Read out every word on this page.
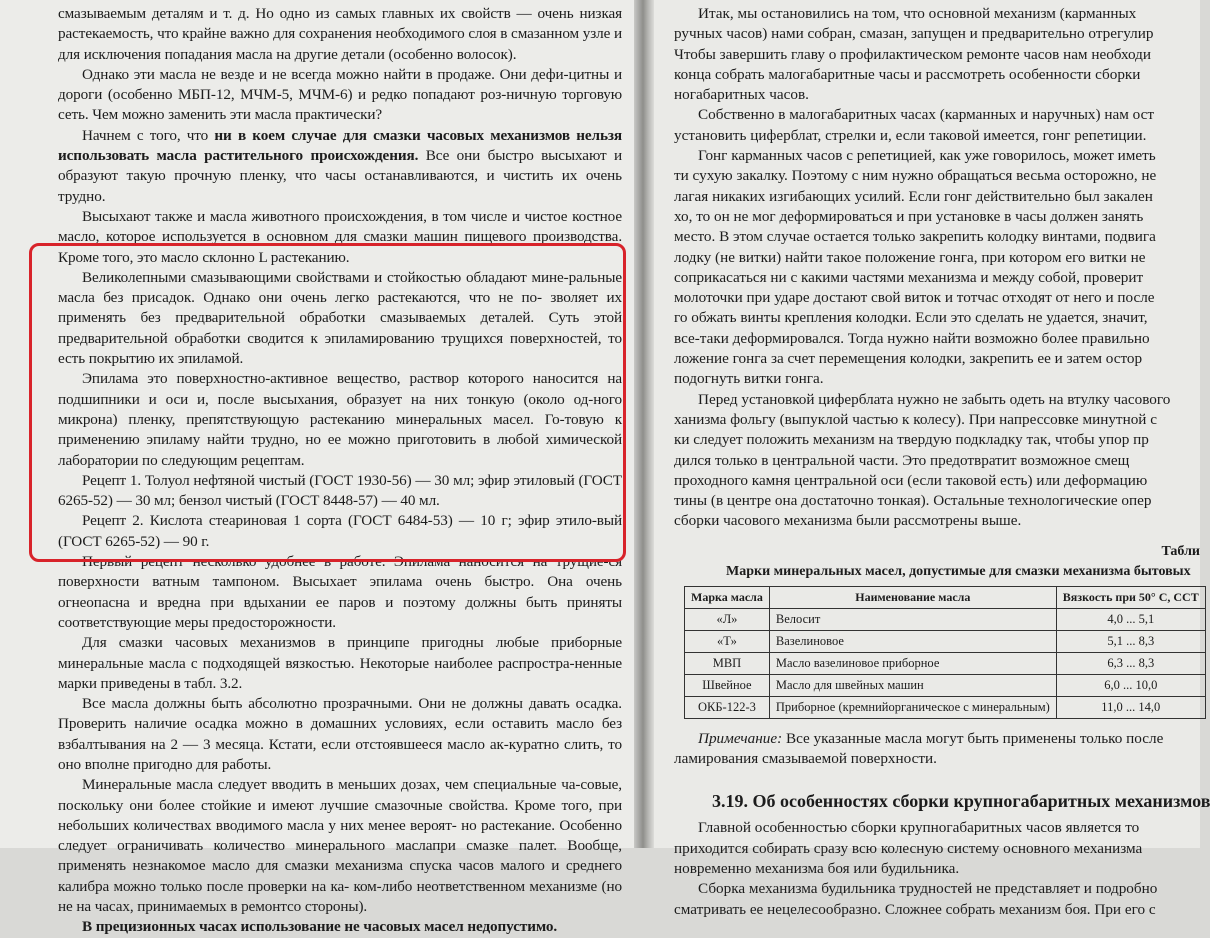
смазываемым деталям и т. д. Но одно из самых главных их свойств — очень низкая растекаемость, что крайне важно для сохранения необходимого слоя в смазанном узле и для исключения попадания масла на другие детали (особенно волосок).

Однако эти масла не везде и не всегда можно найти в продаже. Они дефи-цитны и дороги (особенно МБП-12, МЧМ-5, МЧМ-6) и редко попадают роз-ничную торговую сеть. Чем можно заменить эти масла практически?

Начнем с того, что ни в коем случае для смазки часовых механизмов нельзя использовать масла растительного происхождения. Все они быстро высыхают и образуют такую прочную пленку, что часы останавливаются, и чистить их очень трудно.

Высыхают также и масла животного происхождения, в том числе и чистое костное масло, которое используется в основном для смазки машин пищевого производства. Кроме того, это масло склонно L растеканию.

Великолепными смазывающими свойствами и стойкостью обладают мине-ральные масла без присадок. Однако они очень легко растекаются, что не по- зволяет их применять без предварительной обработки смазываемых деталей. Суть этой предварительной обработки сводится к эпиламированию трущихся поверхностей, то есть покрытию их эпиламой.

Эпилама это поверхностно-активное вещество, раствор которого наносится на подшипники и оси и, после высыхания, образует на них тонкую (около од-ного микрона) пленку, препятствующую растеканию минеральных масел. Го-товую к применению эпиламу найти трудно, но ее можно приготовить в любой химической лаборатории по следующим рецептам.

Рецепт 1. Толуол нефтяной чистый (ГОСТ 1930-56) — 30 мл; эфир этиловый (ГОСТ 6265-52) — 30 мл; бензол чистый (ГОСТ 8448-57) — 40 мл.

Рецепт 2. Кислота стеариновая 1 сорта (ГОСТ 6484-53) — 10 г; эфир этило-вый (ГОСТ 6265-52) — 90 г.

Первый рецепт несколько удобнее в работе. Эпилама наносится на трущие-ся поверхности ватным тампоном. Высыхает эпилама очень быстро. Она очень огнеопасна и вредна при вдыхании ее паров и поэтому должны быть приняты соответствующие меры предосторожности.

Для смазки часовых механизмов в принципе пригодны любые приборные минеральные масла с подходящей вязкостью. Некоторые наиболее распростра-ненные марки приведены в табл. 3.2.

Все масла должны быть абсолютно прозрачными. Они не должны давать осадка. Проверить наличие осадка можно в домашних условиях, если оставить масло без взбалтывания на 2 — 3 месяца. Кстати, если отстоявшееся масло ак-куратно слить, то оно вполне пригодно для работы.

Минеральные масла следует вводить в меньших дозах, чем специальные ча-совые, поскольку они более стойкие и имеют лучшие смазочные свойства. Кроме того, при небольших количествах вводимого масла у них менее вероят- но растекание. Особенно следует ограничивать количество минерального маслапри смазке палет. Вообще, применять незнакомое масло для смазки механизма спуска часов малого и среднего калибра можно только после проверки на ка- ком-либо неответственном механизме (но не на часах, принимаемых в ремонтсо стороны).

В прецизионных часах использование не часовых масел недопустимо.

Итак, мы остановились на том, что основной механизм (карманных

ручных часов) нами собран, смазан, запущен и предварительно отрегулир

Чтобы завершить главу о профилактическом ремонте часов нам необходи

конца собрать малогабаритные часы и рассмотреть особенности сборки

ногабаритных часов.

Собственно в малогабаритных часах (карманных и наручных) нам ост

установить циферблат, стрелки и, если таковой имеется, гонг репетиции.

Гонг карманных часов с репетицией, как уже говорилось, может иметь

ти сухую закалку. Поэтому с ним нужно обращаться весьма осторожно, не

лагая никаких изгибающих усилий. Если гонг действительно был закален

хо, то он не мог деформироваться и при установке в часы должен занять

место. В этом случае остается только закрепить колодку винтами, подвига

лодку (не витки) найти такое положение гонга, при котором его витки не

соприкасаться ни с какими частями механизма и между собой, проверит

молоточки при ударе достают свой виток и тотчас отходят от него и после

го обжать винты крепления колодки. Если это сделать не удается, значит,

все-таки деформировался. Тогда нужно найти возможно более правильно

ложение гонга за счет перемещения колодки, закрепить ее и затем остор

подогнуть витки гонга.

Перед установкой циферблата нужно не забыть одеть на втулку часового

ханизма фольгу (выпуклой частью к колесу). При напрессовке минутной с

ки следует положить механизм на твердую подкладку так, чтобы упор пр

дился только в центральной части. Это предотвратит возможное смещ

проходного камня центральной оси (если таковой есть) или деформацию

тины (в центре она достаточно тонкая). Остальные технологические опер

сборки часового механизма были рассмотрены выше.

Табли
Марки минеральных масел, допустимые для смазки механизма бытовых
Марка масла	Наименование масла	Вязкость при 50° С, ССТ
«Л»	Велосит	4,0 ... 5,1
«Т»	Вазелиновое	5,1 ... 8,3
МВП	Масло вазелиновое приборное	6,3 ... 8,3
Швейное	Масло для швейных машин	6,0 ... 10,0
ОКБ-122-3	Приборное (кремнийорганическое с минеральным)	11,0 ... 14,0

Примечание: Все указанные масла могут быть применены только после

ламирования смазываемой поверхности.

3.19. Об особенностях сборки крупногабаритных механизмов

Главной особенностью сборки крупногабаритных часов является то

приходится собирать сразу всю колесную систему основного механизма

новременно механизма боя или будильника.

Сборка механизма будильника трудностей не представляет и подробно

сматривать ее нецелесообразно. Сложнее собрать механизм боя. При его с
